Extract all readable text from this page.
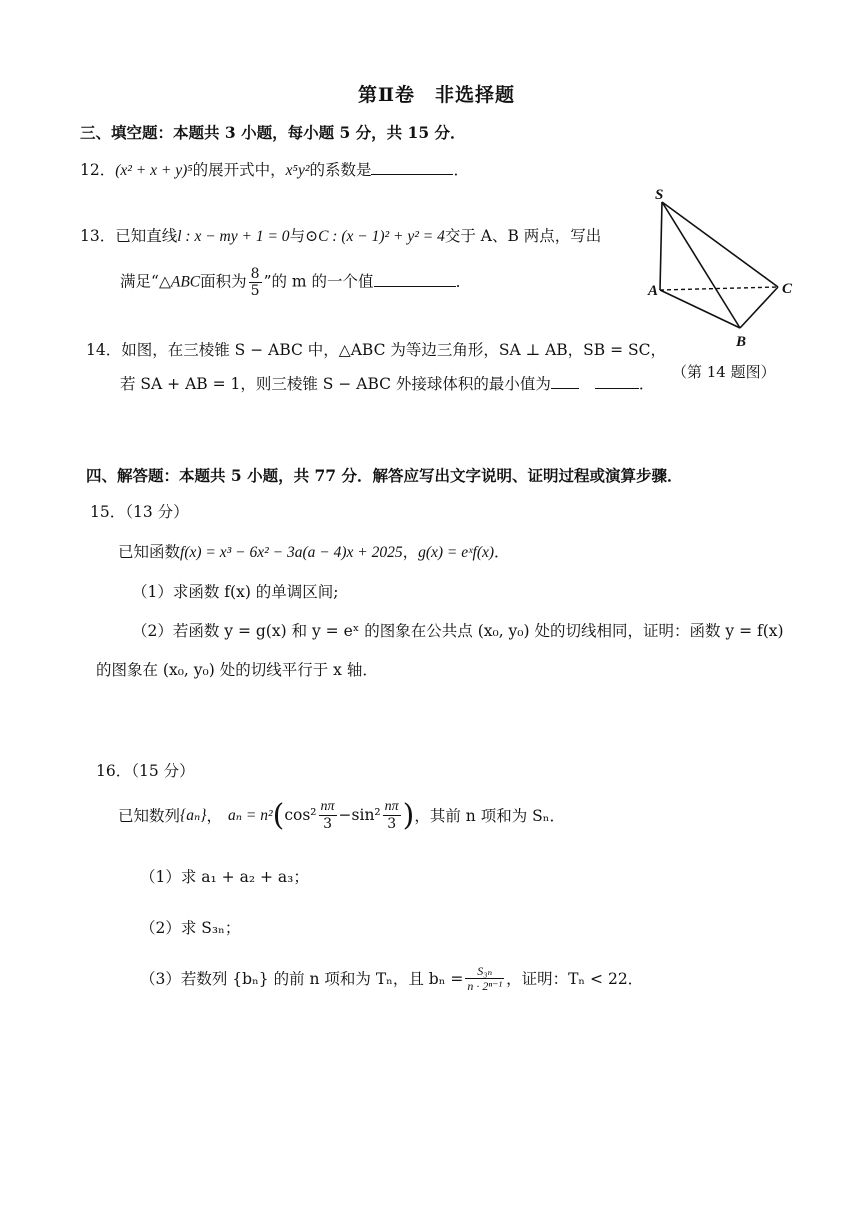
第Ⅱ卷　非选择题
三、填空题：本题共 3 小题，每小题 5 分，共 15 分．
12．(x² + x + y)⁵的展开式中，x⁵y²的系数是	．
13．已知直线l : x − my + 1 = 0与⊙C : (x − 1)² + y² = 4交于 A、B 两点，写出
满足“△ABC面积为 $\frac{8}{5}$ ”的 m 的一个值	．
14．如图，在三棱锥 S − ABC 中，△ABC 为等边三角形，SA ⊥ AB，SB = SC，
若 SA + AB = 1，则三棱锥 S − ABC 外接球体积的最小值为	．
S
A	C
B
（第 14 题图）
四、解答题：本题共 5 小题，共 77 分．解答应写出文字说明、证明过程或演算步骤．
15．（13 分）
已知函数f(x) = x³ − 6x² − 3a(a − 4)x + 2025，g(x) = eˣf(x)．
（1）求函数 f(x) 的单调区间;
（2）若函数 y = g(x) 和 y = eˣ 的图象在公共点 (x₀, y₀) 处的切线相同，证明：函数 y = f(x)
的图象在 (x₀, y₀) 处的切线平行于 x 轴．
16．（15 分）
已知数列 {aₙ} ， aₙ = n² ( $\cos^2 \frac{n\pi}{3} - \sin^2 \frac{n\pi}{3}$ ) ，其前 n 项和为 Sₙ．
（1）求 a₁ + a₂ + a₃；
（2）求 S₃ₙ；
（3）若数列 {bₙ} 的前 n 项和为 Tₙ，且 $b_n = \frac{\text{S₃ₙ}}{\text{n · 2ⁿ⁻¹}}$ ，证明：Tₙ < 22．
